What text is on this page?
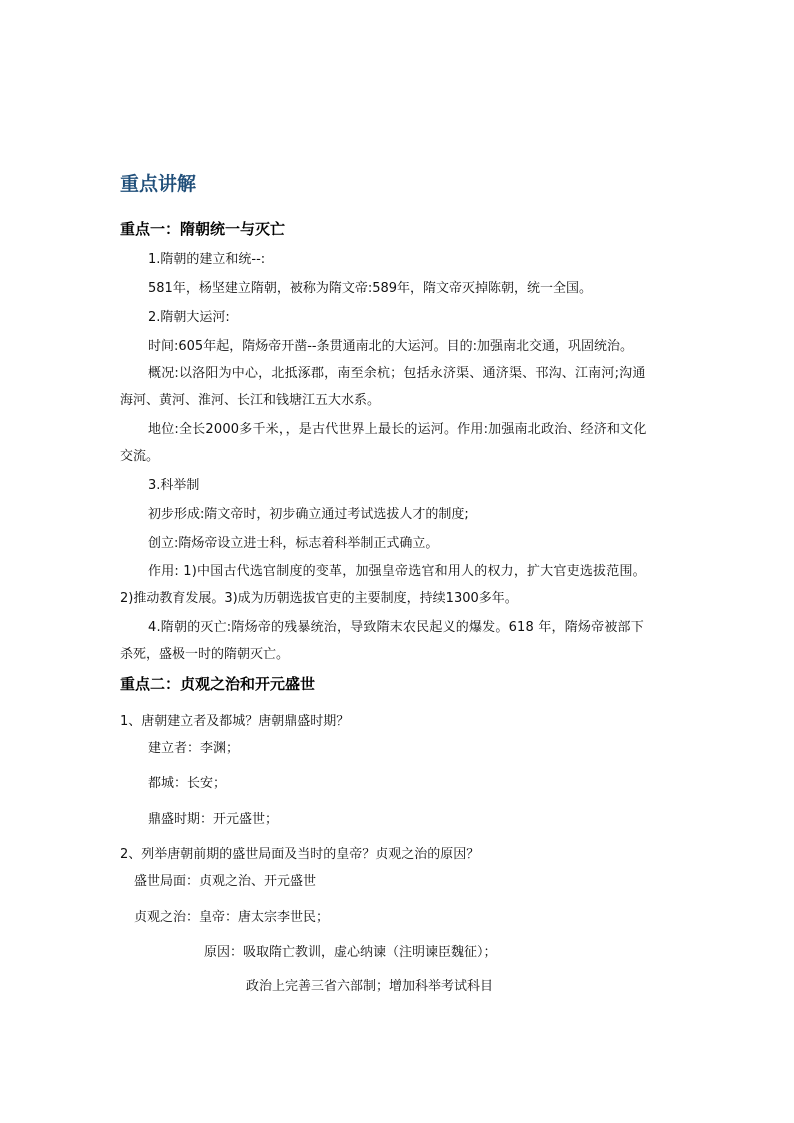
重点讲解
重点一：隋朝统一与灭亡
1.隋朝的建立和统--:
581年，杨坚建立隋朝，被称为隋文帝:589年，隋文帝灭掉陈朝，统一全国。
2.隋朝大运河:
时间:605年起，隋炀帝开凿--条贯通南北的大运河。目的:加强南北交通，巩固统治。
概况:以洛阳为中心，北抵涿郡，南至余杭；包括永济渠、通济渠、邗沟、江南河;沟通
海河、黄河、淮河、长江和钱塘江五大水系。
地位:全长2000多千米，，是古代世界上最长的运河。作用:加强南北政治、经济和文化
交流。
3.科举制
初步形成:隋文帝时，初步确立通过考试选拔人才的制度;
创立:隋炀帝设立进士科，标志着科举制正式确立。
作用: 1)中国古代选官制度的变革，加强皇帝选官和用人的权力，扩大官吏选拔范围。
2)推动教育发展。3)成为历朝选拔官吏的主要制度，持续1300多年。
4.隋朝的灭亡:隋炀帝的残暴统治，导致隋末农民起义的爆发。618 年，隋炀帝被部下
杀死，盛极一时的隋朝灭亡。
重点二：贞观之治和开元盛世
1、唐朝建立者及都城？唐朝鼎盛时期？
建立者：李渊；
都城：长安；
鼎盛时期：开元盛世；
2、列举唐朝前期的盛世局面及当时的皇帝？贞观之治的原因？
盛世局面：贞观之治、开元盛世
贞观之治：皇帝：唐太宗李世民；
原因：吸取隋亡教训，虚心纳谏（注明谏臣魏征）；
政治上完善三省六部制；增加科举考试科目
